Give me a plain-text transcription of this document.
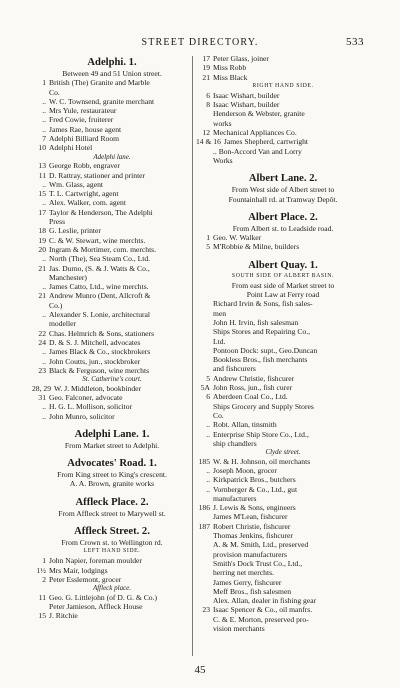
STREET DIRECTORY.	533
Adelphi. 1.
Between 49 and 51 Union street.
1 British (The) Granite and Marble
Co.
.. W. C. Townsend, granite merchant
.. Mrs Yule, restaurateur
.. Fred Cowie, fruiterer
.. James Rae, house agent
7 Adelphi Billiard Room
10 Adelphi Hotel
Adelphi lane.
13 George Robb, engraver
11 D. Rattray, stationer and printer
.. Wm. Glass, agent
15 T. L. Cartwright, agent
.. Alex. Walker, com. agent
17 Taylor & Henderson, The Adelphi
Press
18 G. Leslie, printer
19 C. & W. Stewart, wine merchts.
20 Ingram & Mortimer, com. merchts.
.. North (The), Sea Steam Co., Ltd.
21 Jas. Durno, (S. & J. Watts & Co.,
Manchester)
.. James Catto, Ltd., wine merchts.
21 Andrew Munro (Dent, Allcroft &
Co.)
.. Alexander S. Lonie, architectural
modeller
22 Chas. Helmrich & Sons, stationers
24 D. & S. J. Mitchell, advocates
.. James Black & Co., stockbrokers
.. John Coutts, jun., stockbroker
23 Black & Ferguson, wine merchts
St. Catherine's court.
28, 29 W. J. Middleton, bookbinder
31 Geo. Falconer, advocate
.. H. G. L. Mollison, solicitor
.. John Munro, solicitor
Adelphi Lane. 1.
From Market street to Adelphi.
Advocates' Road. 1.
From King street to King's crescent.
A. A. Brown, granite works
Affleck Place. 2.
From Affleck street to Marywell st.
Affleck Street. 2.
From Crown st. to Wellington rd.
LEFT HAND SIDE.
1 John Napier, foreman moulder
1½ Mrs Mair, lodgings
2 Peter Esslemont, grocer
Affleck place.
11 Geo. G. Littlejohn (of D. G. & Co.)
Peter Jamieson, Affleck House
15 J. Ritchie
17 Peter Glass, joiner
19 Miss Robb
21 Miss Black
RIGHT HAND SIDE.
6 Isaac Wishart, builder
8 Isaac Wishart, builder
Henderson & Webster, granite
works
12 Mechanical Appliances Co.
14 & 16 James Shepherd, cartwright
.. Bon-Accord Van and Lorry
Works
Albert Lane. 2.
From West side of Albert street to
Fountainhall rd. at Tramway Depôt.
Albert Place. 2.
From Albert st. to Leadside road.
1 Geo. W. Walker
5 M'Robbie & Milne, builders
Albert Quay. 1.
SOUTH SIDE OF ALBERT BASIN.
From east side of Market street to
Point Law at Ferry road
Richard Irvin & Sons, fish sales-
men
John H. Irvin, fish salesman
Ships Stores and Repairing Co.,
Ltd.
Pontoon Dock: supt., Geo.Duncan
Bookless Bros., fish merchants
and fishcurers
5 Andrew Christie, fishcurer
5A John Ross, jun., fish curer
6 Aberdeen Coal Co., Ltd.
Ships Grocery and Supply Stores
Co.
.. Robt. Allan, tinsmith
.. Enterprise Ship Store Co., Ltd.,
ship chandlers
Clyde street.
185 W. & H. Johnson, oil merchants
.. Joseph Moon, grocer
.. Kirkpatrick Bros., butchers
.. Vornberger & Co., Ltd., gut
manufacturers
186 J. Lewis & Sons, engineers
James M'Lean, fishcurer
187 Robert Christie, fishcurer
Thomas Jenkins, fishcurer
A. & M. Smith, Ltd., preserved
provision manufacturers
Smith's Dock Trust Co., Ltd.,
herring net merchts.
James Gerry, fishcurer
Meff Bros., fish salesmen
Alex. Allan, dealer in fishing gear
23 Isaac Spencer & Co., oil manfrs.
C. & E. Morton, preserved pro-
vision merchants
45
